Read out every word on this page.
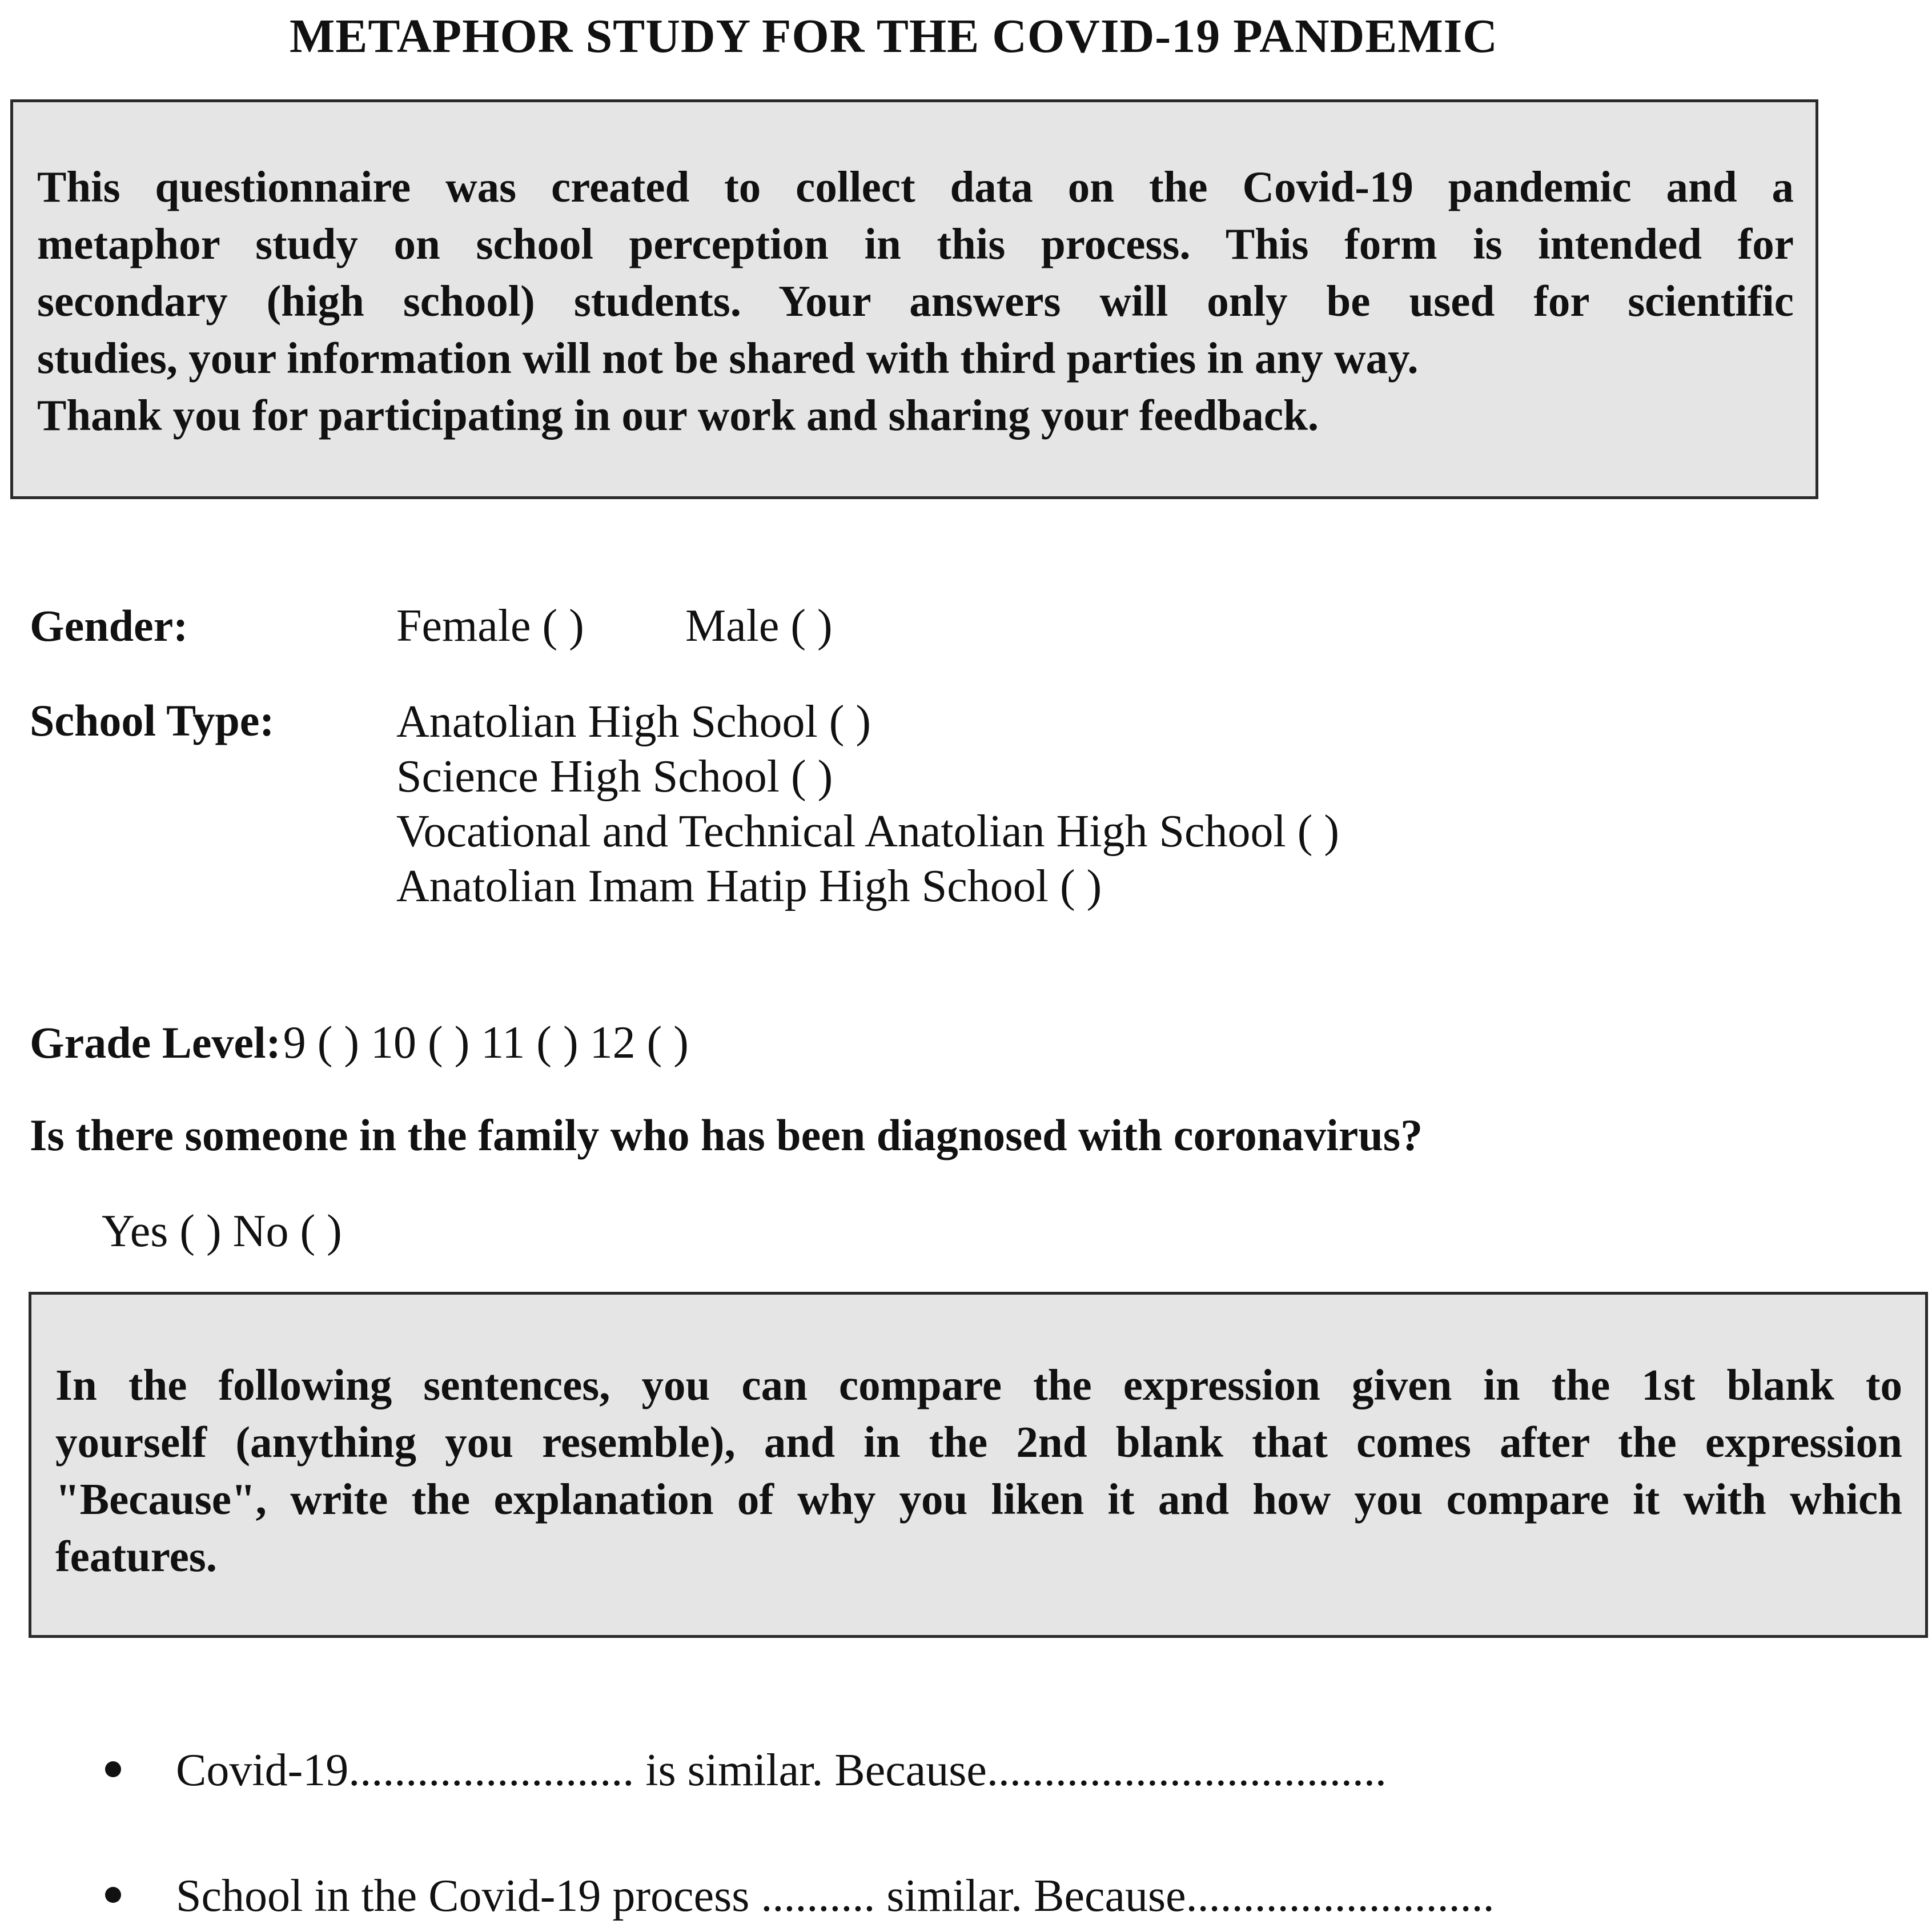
METAPHOR STUDY FOR THE COVID-19 PANDEMIC
This questionnaire was created to collect data on the Covid-19 pandemic and a
metaphor study on school perception in this process. This form is intended for
secondary (high school) students. Your answers will only be used for scientific
studies, your information will not be shared with third parties in any way.
Thank you for participating in our work and sharing your feedback.
Gender:	Female ( ) Male ( )
School Type:	Anatolian High School ( )
Science High School ( )
Vocational and Technical Anatolian High School ( )
Anatolian Imam Hatip High School ( )
Grade Level: 9 ( ) 10 ( ) 11 ( ) 12 ( )
Is there someone in the family who has been diagnosed with coronavirus?
Yes ( ) No ( )
In the following sentences, you can compare the expression given in the 1st blank to
yourself (anything you resemble), and in the 2nd blank that comes after the expression
"Because", write the explanation of why you liken it and how you compare it with which
features.
Covid-19......................... is similar. Because...................................
School in the Covid-19 process .......... similar. Because...........................
